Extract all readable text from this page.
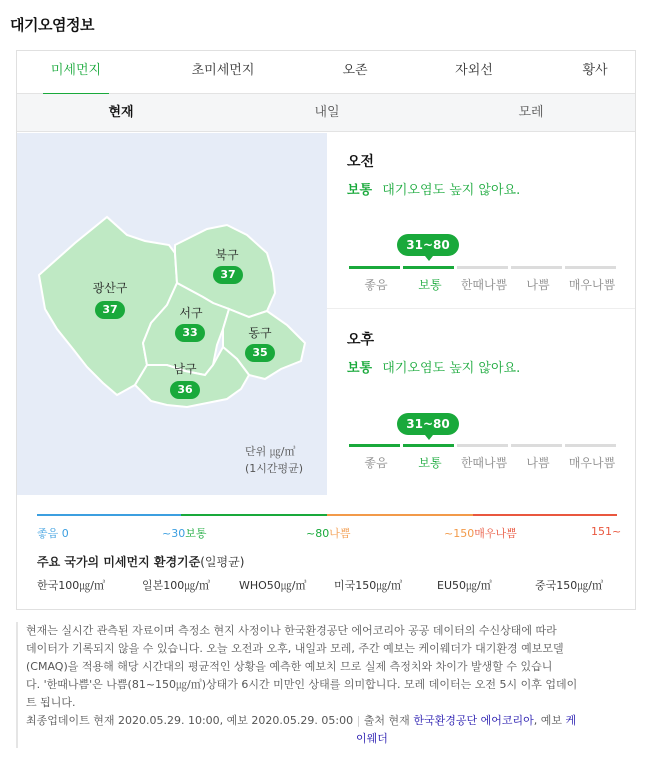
대기오염정보
미세먼지	초미세먼지	오존	자외선	황사
현재	내일	모레
북구
37
광산구
37	서구
33	동구
35
남구
36
단위 ㎍/㎥
(1시간평균)
오전
보통 대기오염도 높지 않아요.
31~80
좋음	보통	한때나쁨	나쁨	매우나쁨
오후
보통 대기오염도 높지 않아요.
31~80
좋음	보통	한때나쁨	나쁨	매우나쁨
좋음 0	~30보통	~80나쁨	~150매우나쁨	151~
주요 국가의 미세먼지 환경기준(일평균)
한국100㎍/㎥	일본100㎍/㎥	WHO50㎍/㎥ 미국150㎍/㎥	EU50㎍/㎥	중국150㎍/㎥
현재는 실시간 관측된 자료이며 측정소 현지 사정이나 한국환경공단 에어코리아 공공 데이터의 수신상태에 따라
데이터가 기록되지 않을 수 있습니다. 오늘 오전과 오후, 내일과 모레, 주간 예보는 케이웨더가 대기환경 예보모델
(CMAQ)을 적용해 해당 시간대의 평균적인 상황을 예측한 예보치 므로 실제 측정치와 차이가 발생할 수 있습니
다. '한때나쁨'은 나쁨(81~150㎍/㎥)상태가 6시간 미만인 상태를 의미합니다. 모레 데이터는 오전 5시 이후 업데이
트 됩니다.
최종업데이트 현재 2020.05.29. 10:00, 예보 2020.05.29. 05:00 | 출처 현재 한국환경공단 에어코리아, 예보 케
이웨더
